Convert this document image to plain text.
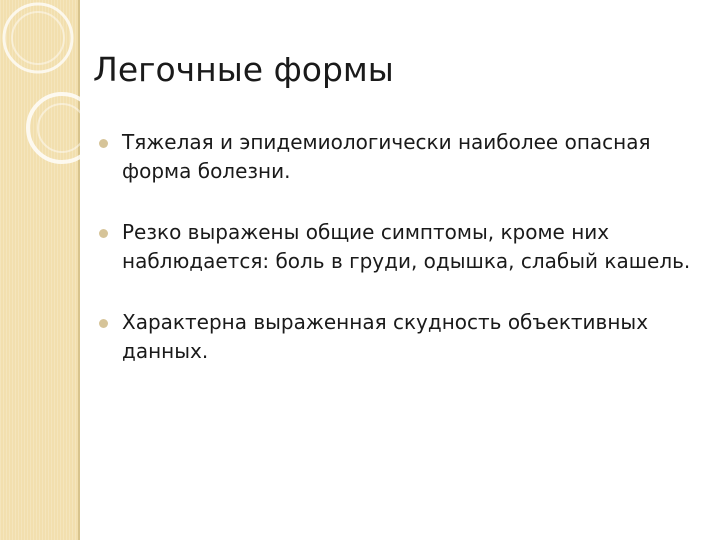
Легочные формы
Тяжелая и эпидемиологически наиболее опасная форма болезни.
Резко выражены общие симптомы, кроме них наблюдается: боль в груди, одышка, слабый кашель.
Характерна выраженная скудность объективных данных.
